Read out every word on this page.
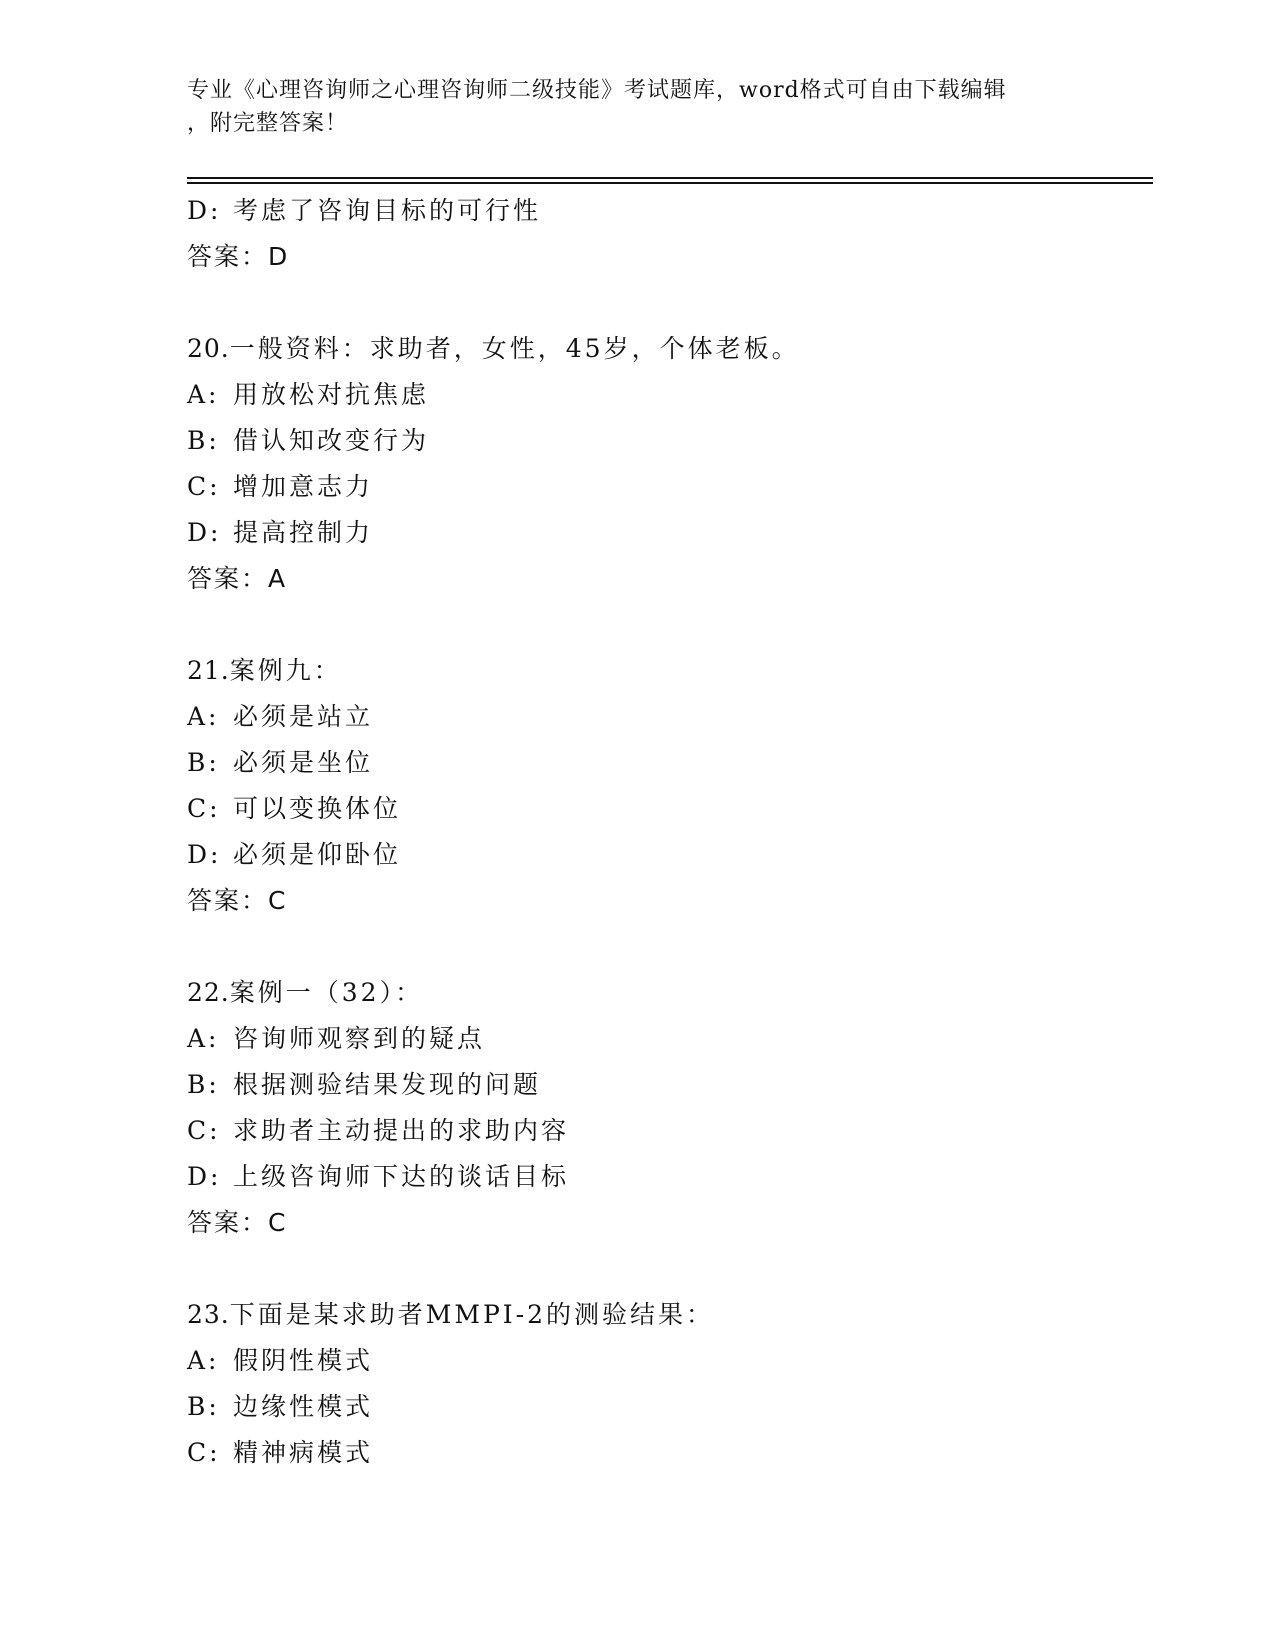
专业《心理咨询师之心理咨询师二级技能》考试题库，word格式可自由下载编辑
，附完整答案！
D: 考虑了咨询目标的可行性
答案：D
20.一般资料：求助者，女性，45岁，个体老板。
A: 用放松对抗焦虑
B: 借认知改变行为
C: 增加意志力
D: 提高控制力
答案：A
21.案例九：
A: 必须是站立
B: 必须是坐位
C: 可以变换体位
D: 必须是仰卧位
答案：C
22.案例一（32）：
A: 咨询师观察到的疑点
B: 根据测验结果发现的问题
C: 求助者主动提出的求助内容
D: 上级咨询师下达的谈话目标
答案：C
23.下面是某求助者MMPI-2的测验结果：
A: 假阴性模式
B: 边缘性模式
C: 精神病模式
